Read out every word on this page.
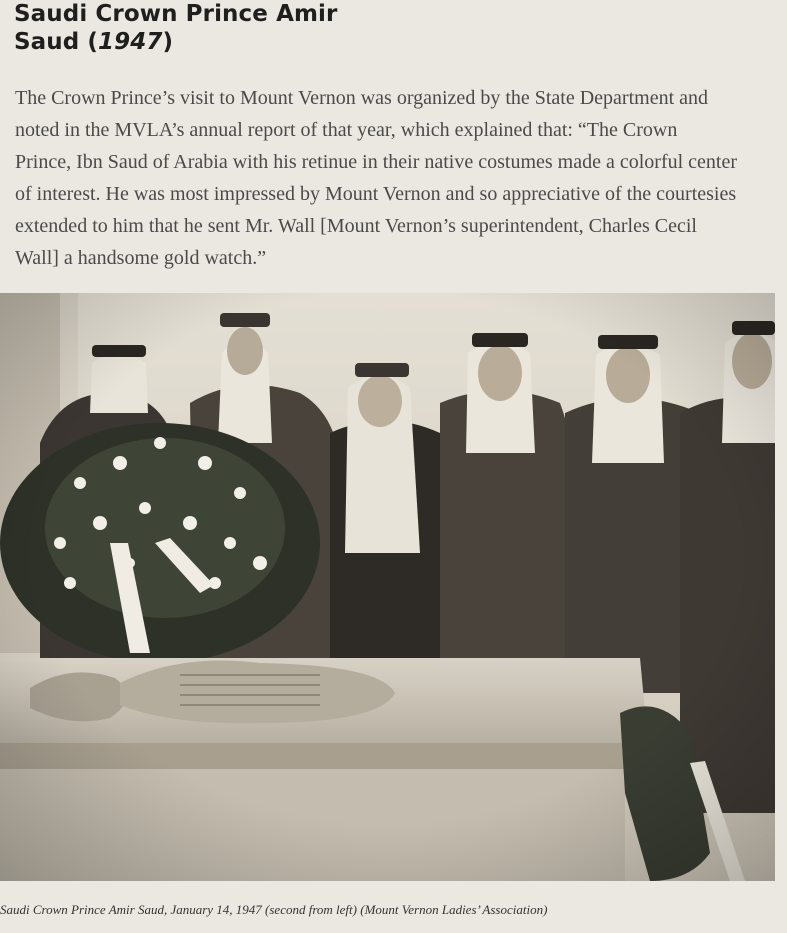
Saudi Crown Prince Amir
Saud (1947)

The Crown Prince’s visit to Mount Vernon was organized by the State Department and
noted in the MVLA’s annual report of that year, which explained that: “The Crown
Prince, Ibn Saud of Arabia with his retinue in their native costumes made a colorful center
of interest. He was most impressed by Mount Vernon and so appreciative of the courtesies
extended to him that he sent Mr. Wall [Mount Vernon’s superintendent, Charles Cecil
Wall] a handsome gold watch.”

Saudi Crown Prince Amir Saud, January 14, 1947 (second from left) (Mount Vernon Ladies’ Association)
